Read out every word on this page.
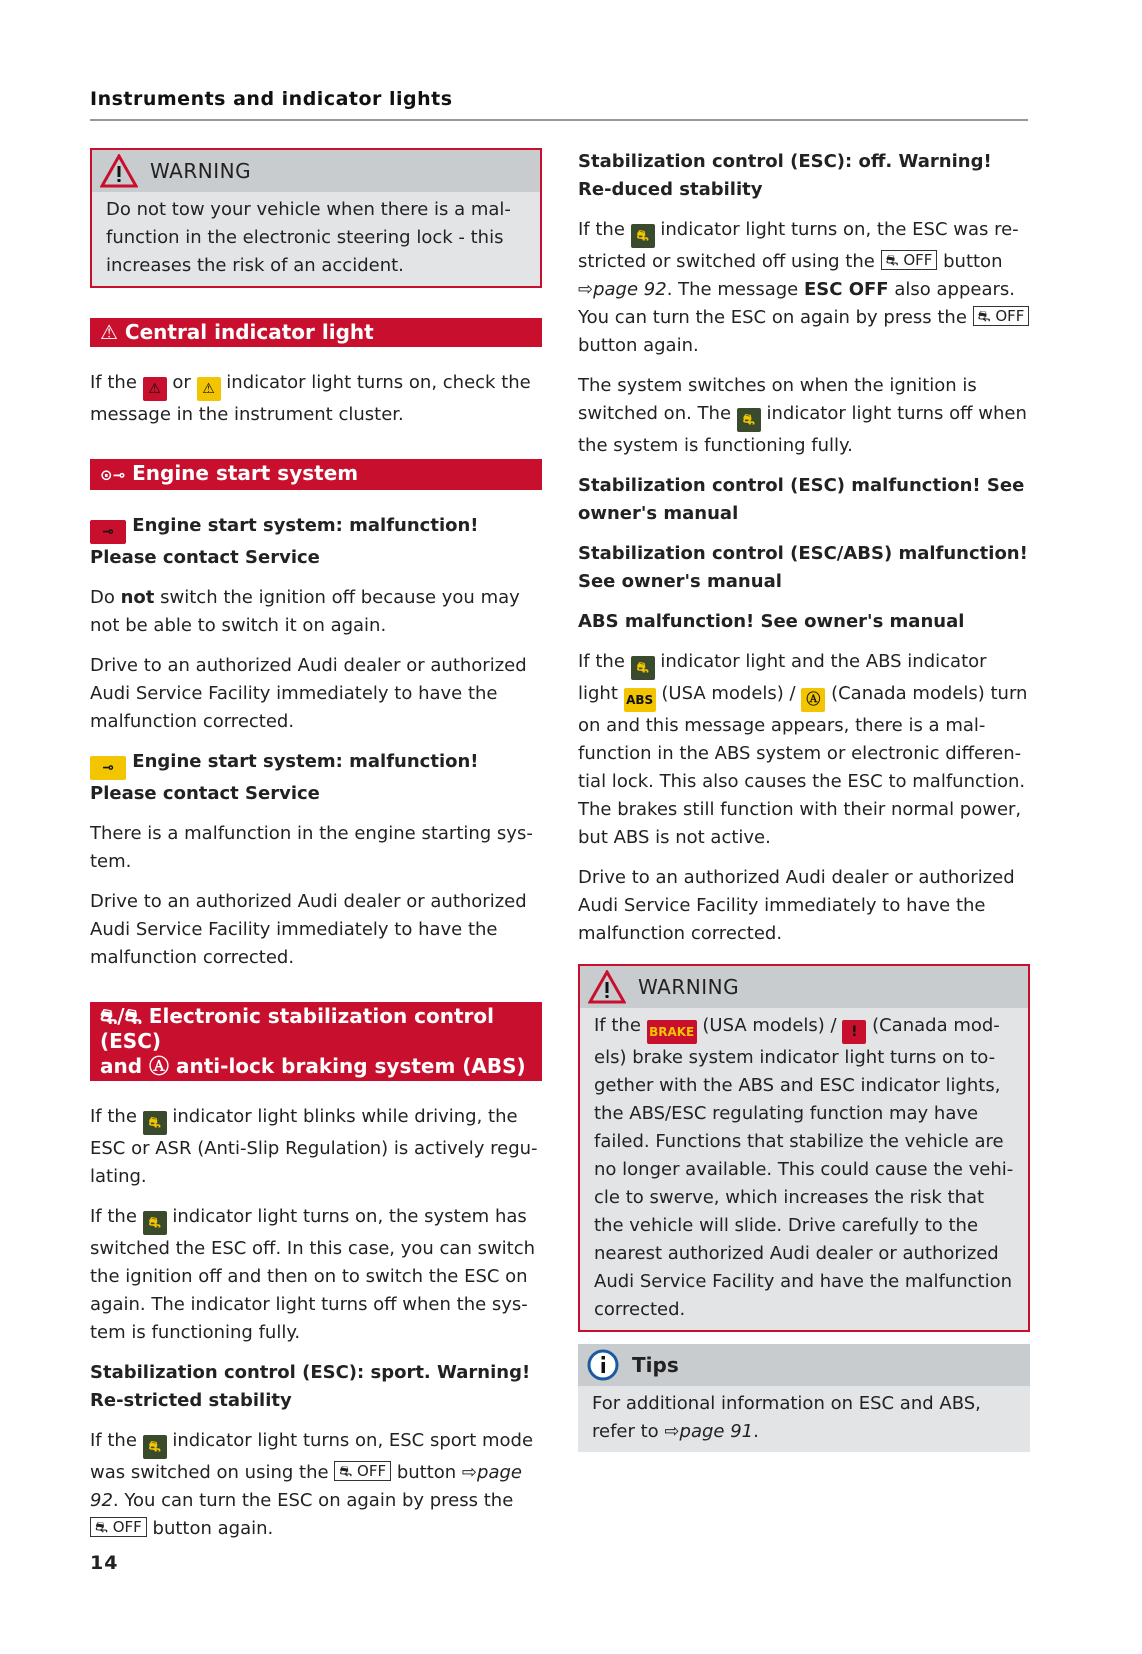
Instruments and indicator lights
WARNING
Do not tow your vehicle when there is a mal-function in the electronic steering lock - this increases the risk of an accident.
⚠ Central indicator light

If the ⚠ or ⚠ indicator light turns on, check the message in the instrument cluster.

⊙⊸ Engine start system
⊸ Engine start system: malfunction! Please contact Service

Do not switch the ignition off because you may not be able to switch it on again.

Drive to an authorized Audi dealer or authorized Audi Service Facility immediately to have the malfunction corrected.

⊸ Engine start system: malfunction! Please contact Service

There is a malfunction in the engine starting sys-tem.

Drive to an authorized Audi dealer or authorized Audi Service Facility immediately to have the malfunction corrected.

⛐/⛐ Electronic stabilization control (ESC)
and Ⓐ anti-lock braking system (ABS)

If the ⛐ indicator light blinks while driving, the ESC or ASR (Anti-Slip Regulation) is actively regu-lating.

If the ⛐ indicator light turns on, the system has switched the ESC off. In this case, you can switch the ignition off and then on to switch the ESC on again. The indicator light turns off when the sys-tem is functioning fully.

Stabilization control (ESC): sport. Warning! Re-stricted stability

If the ⛐ indicator light turns on, ESC sport mode was switched on using the ⛐ OFF button ⇨page 92. You can turn the ESC on again by press the ⛐ OFF button again.

Stabilization control (ESC): off. Warning! Re-duced stability

If the ⛐ indicator light turns on, the ESC was re-stricted or switched off using the ⛐ OFF button ⇨page 92. The message ESC OFF also appears. You can turn the ESC on again by press the ⛐ OFF button again.

The system switches on when the ignition is switched on. The ⛐ indicator light turns off when the system is functioning fully.

Stabilization control (ESC) malfunction! See owner's manual
Stabilization control (ESC/ABS) malfunction! See owner's manual
ABS malfunction! See owner's manual

If the ⛐ indicator light and the ABS indicator light ABS (USA models) / Ⓐ (Canada models) turn on and this message appears, there is a mal-function in the ABS system or electronic differen-tial lock. This also causes the ESC to malfunction. The brakes still function with their normal power, but ABS is not active.

Drive to an authorized Audi dealer or authorized Audi Service Facility immediately to have the malfunction corrected.

WARNING
If the BRAKE (USA models) / ! (Canada mod-els) brake system indicator light turns on to-gether with the ABS and ESC indicator lights, the ABS/ESC regulating function may have failed. Functions that stabilize the vehicle are no longer available. This could cause the vehi-cle to swerve, which increases the risk that the vehicle will slide. Drive carefully to the nearest authorized Audi dealer or authorized Audi Service Facility and have the malfunction corrected.
Tips
For additional information on ESC and ABS, refer to ⇨page 91.
14
